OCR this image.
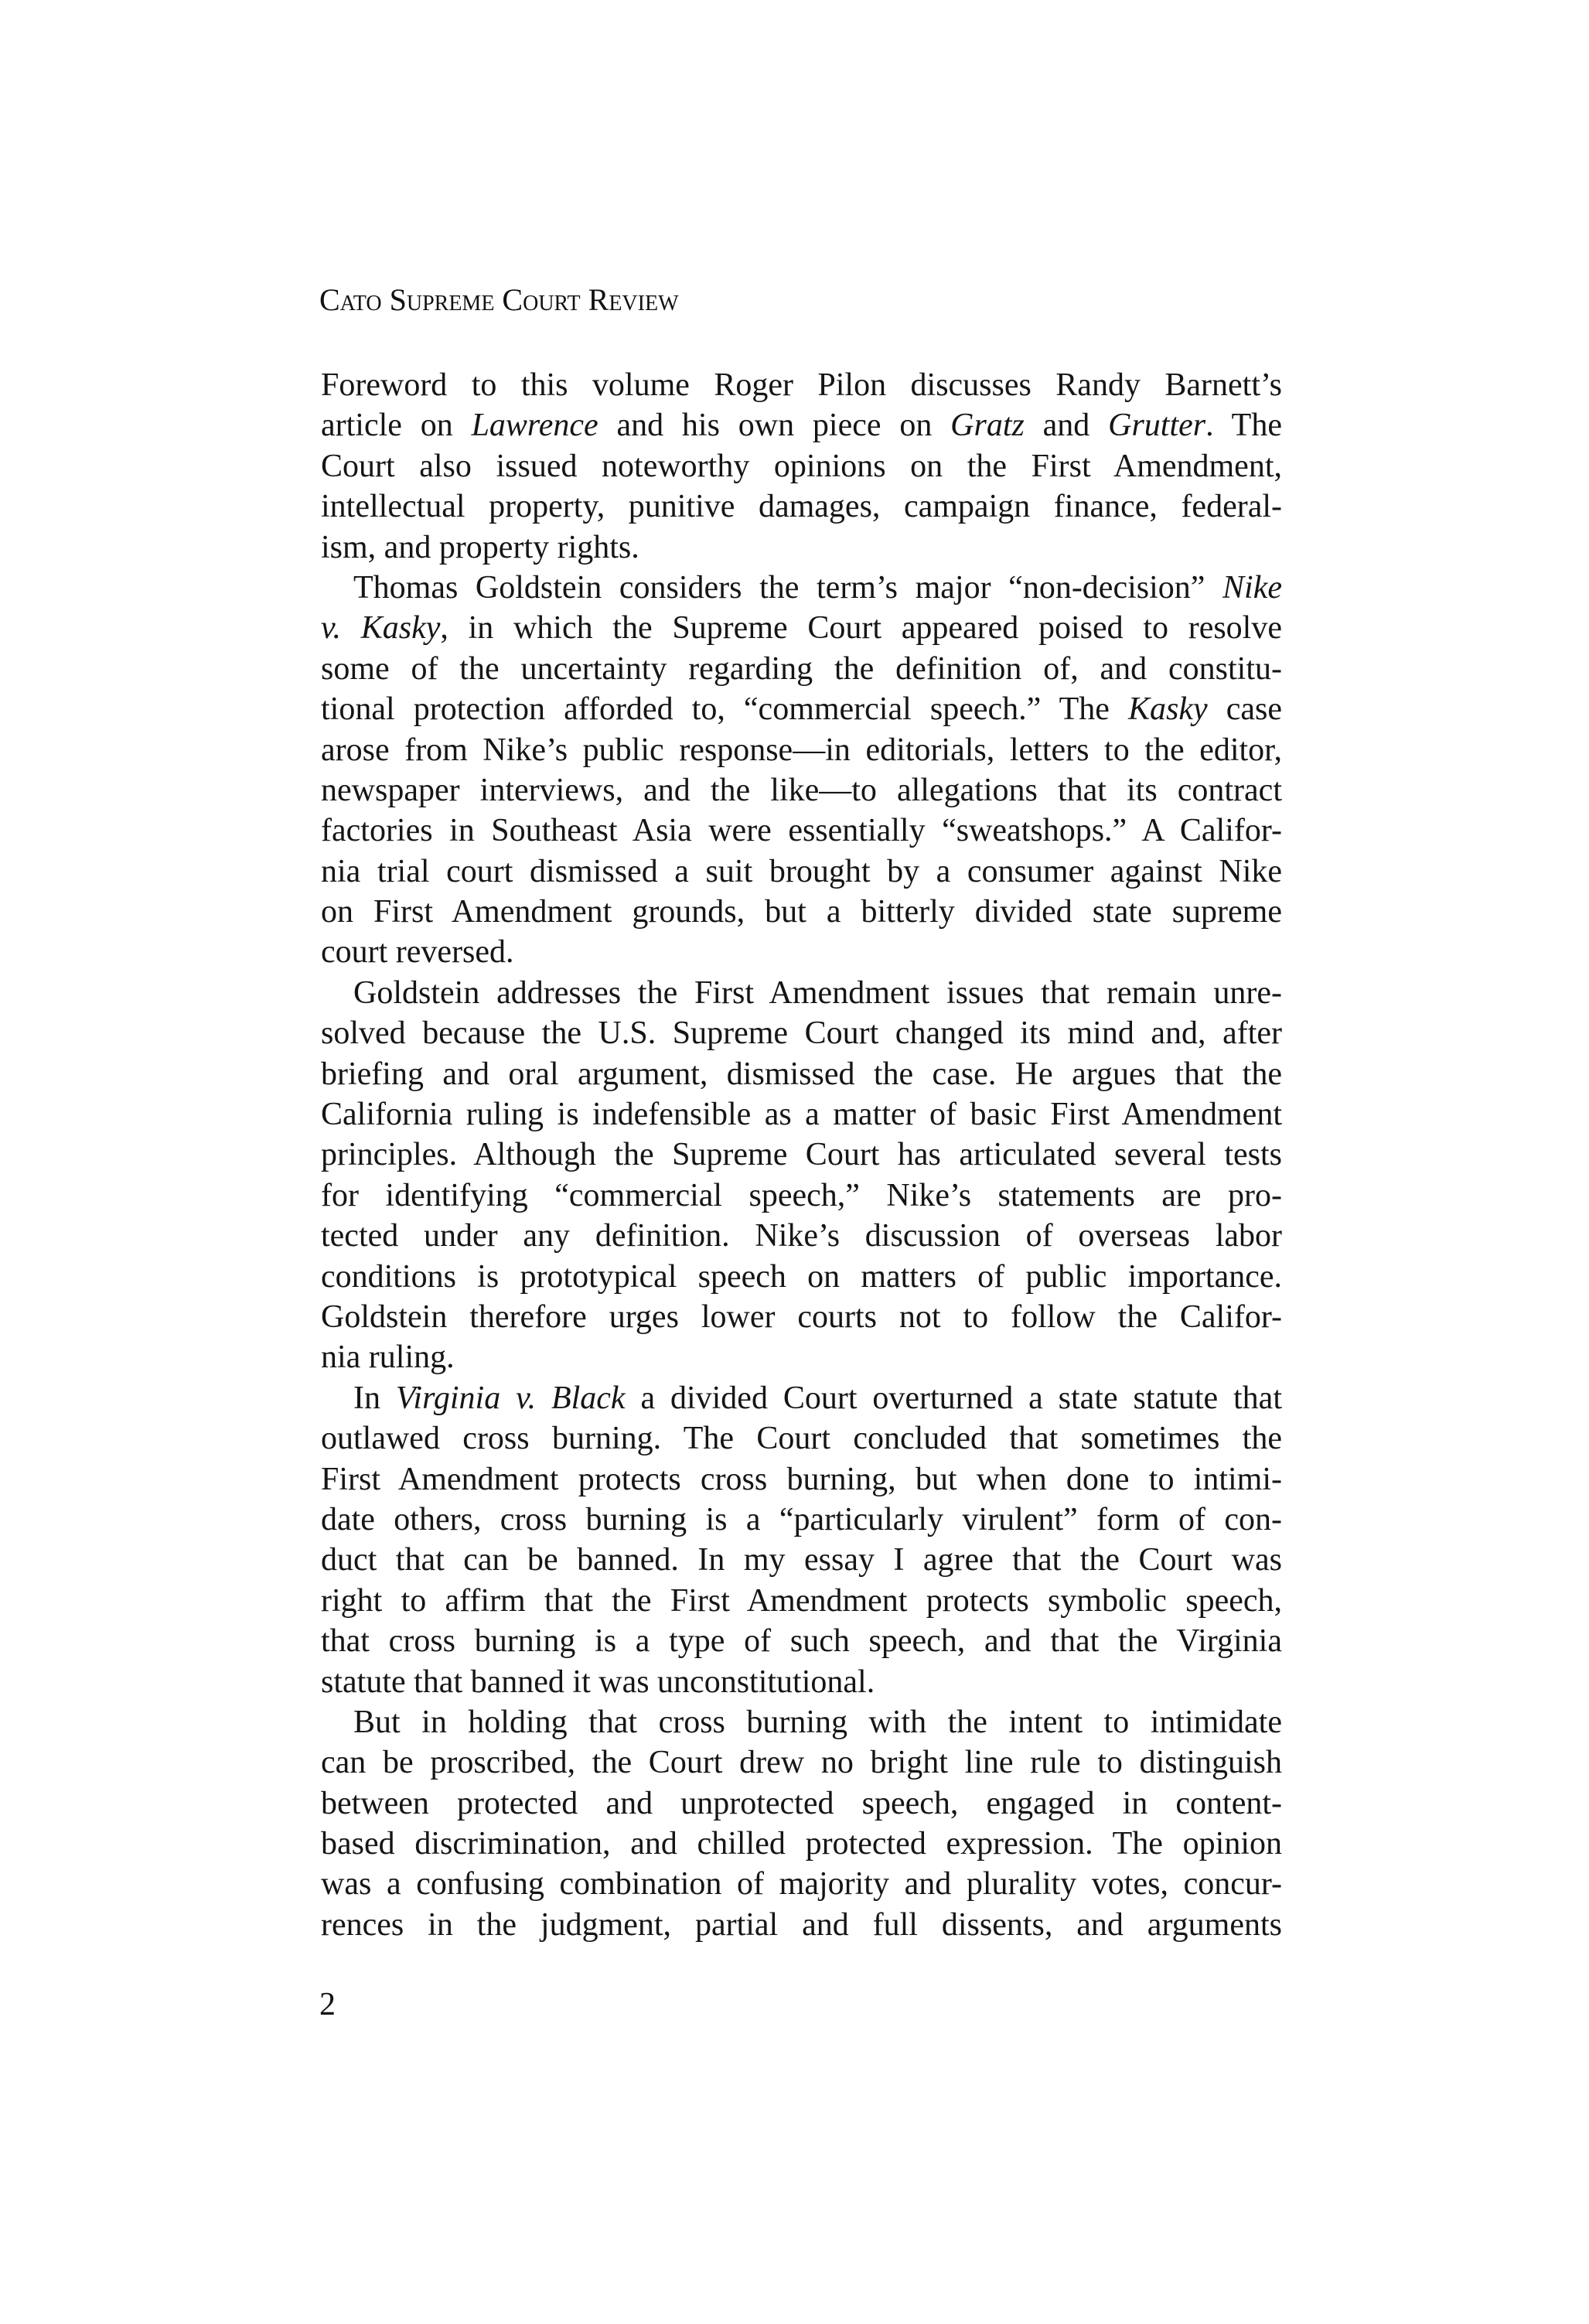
Cato Supreme Court Review
Foreword to this volume Roger Pilon discusses Randy Barnett’s
article on Lawrence and his own piece on Gratz and Grutter. The
Court also issued noteworthy opinions on the First Amendment,
intellectual property, punitive damages, campaign finance, federal-
ism, and property rights.
Thomas Goldstein considers the term’s major “non-decision” Nike
v. Kasky, in which the Supreme Court appeared poised to resolve
some of the uncertainty regarding the definition of, and constitu-
tional protection afforded to, “commercial speech.” The Kasky case
arose from Nike’s public response—in editorials, letters to the editor,
newspaper interviews, and the like—to allegations that its contract
factories in Southeast Asia were essentially “sweatshops.” A Califor-
nia trial court dismissed a suit brought by a consumer against Nike
on First Amendment grounds, but a bitterly divided state supreme
court reversed.
Goldstein addresses the First Amendment issues that remain unre-
solved because the U.S. Supreme Court changed its mind and, after
briefing and oral argument, dismissed the case. He argues that the
California ruling is indefensible as a matter of basic First Amendment
principles. Although the Supreme Court has articulated several tests
for identifying “commercial speech,” Nike’s statements are pro-
tected under any definition. Nike’s discussion of overseas labor
conditions is prototypical speech on matters of public importance.
Goldstein therefore urges lower courts not to follow the Califor-
nia ruling.
In Virginia v. Black a divided Court overturned a state statute that
outlawed cross burning. The Court concluded that sometimes the
First Amendment protects cross burning, but when done to intimi-
date others, cross burning is a “particularly virulent” form of con-
duct that can be banned. In my essay I agree that the Court was
right to affirm that the First Amendment protects symbolic speech,
that cross burning is a type of such speech, and that the Virginia
statute that banned it was unconstitutional.
But in holding that cross burning with the intent to intimidate
can be proscribed, the Court drew no bright line rule to distinguish
between protected and unprotected speech, engaged in content-
based discrimination, and chilled protected expression. The opinion
was a confusing combination of majority and plurality votes, concur-
rences in the judgment, partial and full dissents, and arguments
2
